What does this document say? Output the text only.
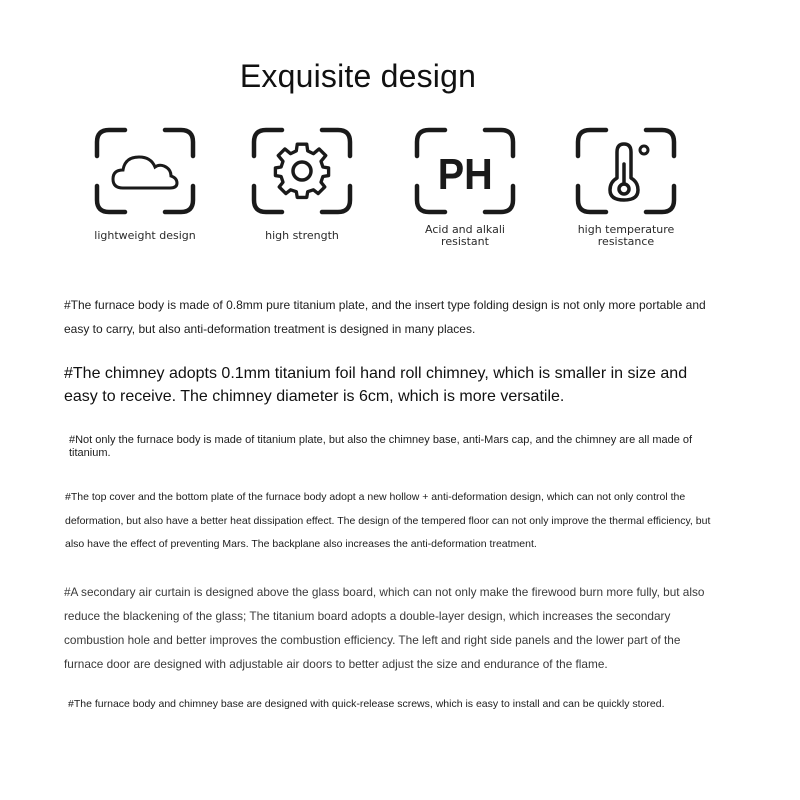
Exquisite design
lightweight design	high strength
PH
Acid and alkali
resistant
high temperature
resistance

#The furnace body is made of 0.8mm pure titanium plate, and the insert type folding design is not only more portable and easy to carry, but also anti-deformation treatment is designed in many places.

#The chimney adopts 0.1mm titanium foil hand roll chimney, which is smaller in size and easy to receive. The chimney diameter is 6cm, which is more versatile.

#Not only the furnace body is made of titanium plate, but also the chimney base, anti-Mars cap, and the chimney are all made of titanium.

#The top cover and the bottom plate of the furnace body adopt a new hollow + anti-deformation design, which can not only control the deformation, but also have a better heat dissipation effect. The design of the tempered floor can not only improve the thermal efficiency, but also have the effect of preventing Mars. The backplane also increases the anti-deformation treatment.

#A secondary air curtain is designed above the glass board, which can not only make the firewood burn more fully, but also reduce the blackening of the glass; The titanium board adopts a double-layer design, which increases the secondary combustion hole and better improves the combustion efficiency. The left and right side panels and the lower part of the furnace door are designed with adjustable air doors to better adjust the size and endurance of the flame.

#The furnace body and chimney base are designed with quick-release screws, which is easy to install and can be quickly stored.
